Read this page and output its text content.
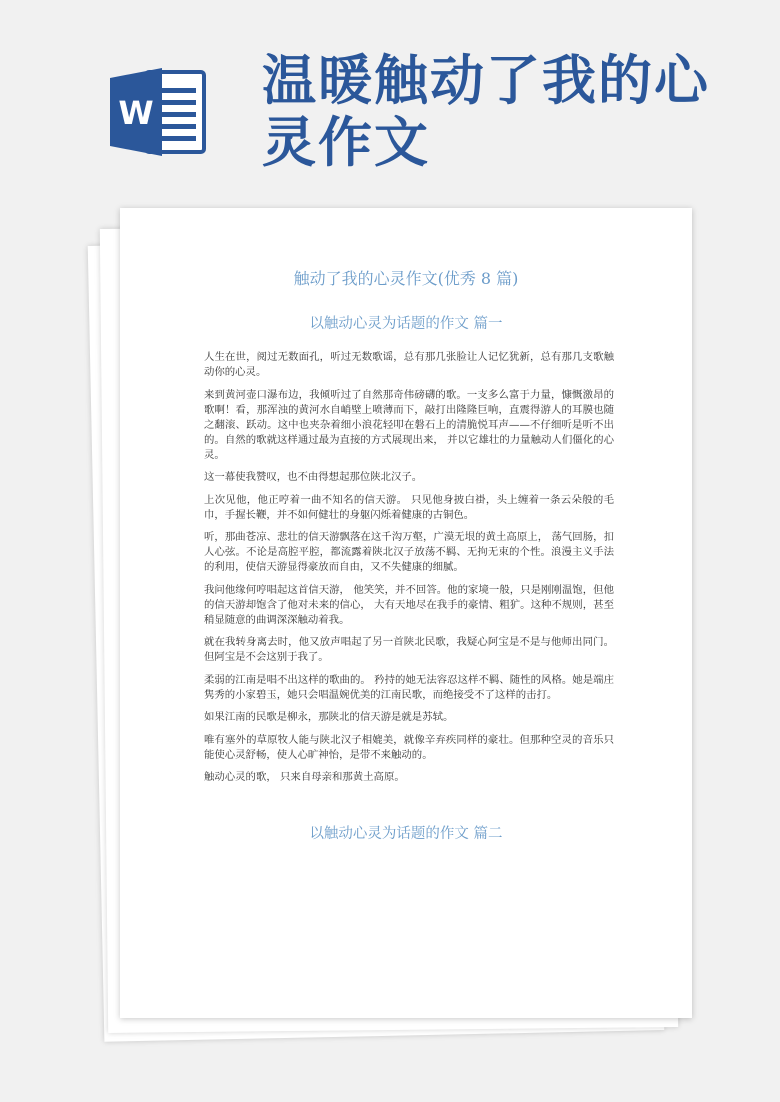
W
温暖触动了我的心灵作文
触动了我的心灵作文(优秀 8 篇)
以触动心灵为话题的作文 篇一

人生在世，阅过无数面孔，听过无数歌谣，总有那几张脸让人记忆犹新，总有那几支歌触动你的心灵。

来到黄河壶口瀑布边，我倾听过了自然那奇伟磅礴的歌。一支多么富于力量，慷慨激昂的歌啊！看，那浑浊的黄河水自峭壁上喷薄而下，敲打出隆隆巨响，直震得游人的耳膜也随之翻滚、跃动。这中也夹杂着细小浪花轻叩在磐石上的清脆悦耳声——不仔细听是听不出的。自然的歌就这样通过最为直接的方式展现出来， 并以它雄壮的力量触动人们僵化的心灵。

这一幕使我赞叹，也不由得想起那位陕北汉子。

上次见他，他正哼着一曲不知名的信天游。 只见他身披白褂，头上缠着一条云朵般的毛巾，手握长鞭，并不如何健壮的身躯闪烁着健康的古铜色。

听，那曲苍凉、悲壮的信天游飘落在这千沟万壑，广漠无垠的黄土高原上， 荡气回肠，扣人心弦。不论是高腔平腔，都流露着陕北汉子放荡不羁、无拘无束的个性。浪漫主义手法的利用，使信天游显得豪放而自由，又不失健康的细腻。

我问他缘何哼唱起这首信天游， 他笑笑，并不回答。他的家境一般，只是刚刚温饱，但他的信天游却饱含了他对未来的信心， 大有天地尽在我手的豪情、粗犷。这种不规则，甚至稍显随意的曲调深深触动着我。

就在我转身离去时，他又放声唱起了另一首陕北民歌，我疑心阿宝是不是与他师出同门。但阿宝是不会这别于我了。

柔弱的江南是唱不出这样的歌曲的。 矜持的她无法容忍这样不羁、随性的风格。她是端庄隽秀的小家碧玉，她只会唱温婉优美的江南民歌，而绝接受不了这样的击打。

如果江南的民歌是柳永，那陕北的信天游是就是苏轼。

唯有塞外的草原牧人能与陕北汉子相媲美，就像辛弃疾同样的豪壮。但那种空灵的音乐只能使心灵舒畅，使人心旷神怡，是带不来触动的。

触动心灵的歌， 只来自母亲和那黄土高原。

以触动心灵为话题的作文 篇二
